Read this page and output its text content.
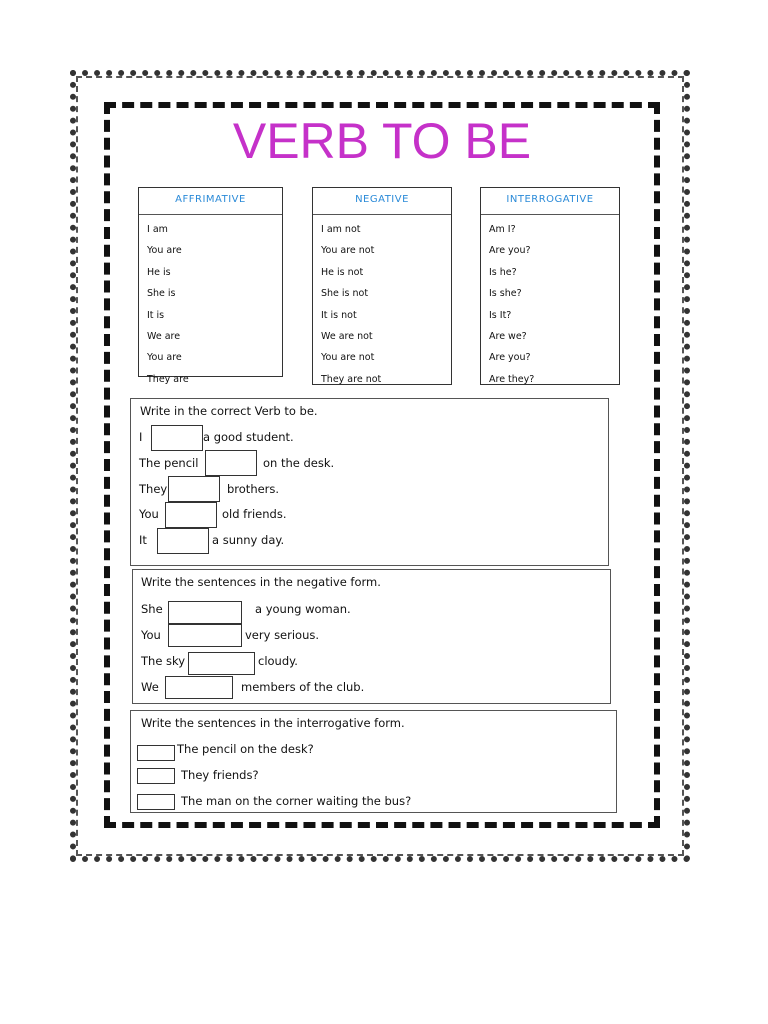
VERB TO BE
AFFRIMATIVE
I am
You are
He is
She is
It is
We are
You are
They are
NEGATIVE
I am not
You are not
He is not
She is not
It is not
We are not
You are not
They are not
INTERROGATIVE
Am I?
Are you?
Is he?
Is she?
Is It?
Are we?
Are you?
Are they?
Write in the correct Verb to be.
I	a good student.
The pencil	on the desk.
They	brothers.
You	old friends.
It	a sunny day.
Write the sentences in the negative form.
She	a young woman.
You	very serious.
The sky	cloudy.
We	members of the club.
Write the sentences in the interrogative form.
The pencil on the desk?
They friends?
The man on the corner waiting the bus?
